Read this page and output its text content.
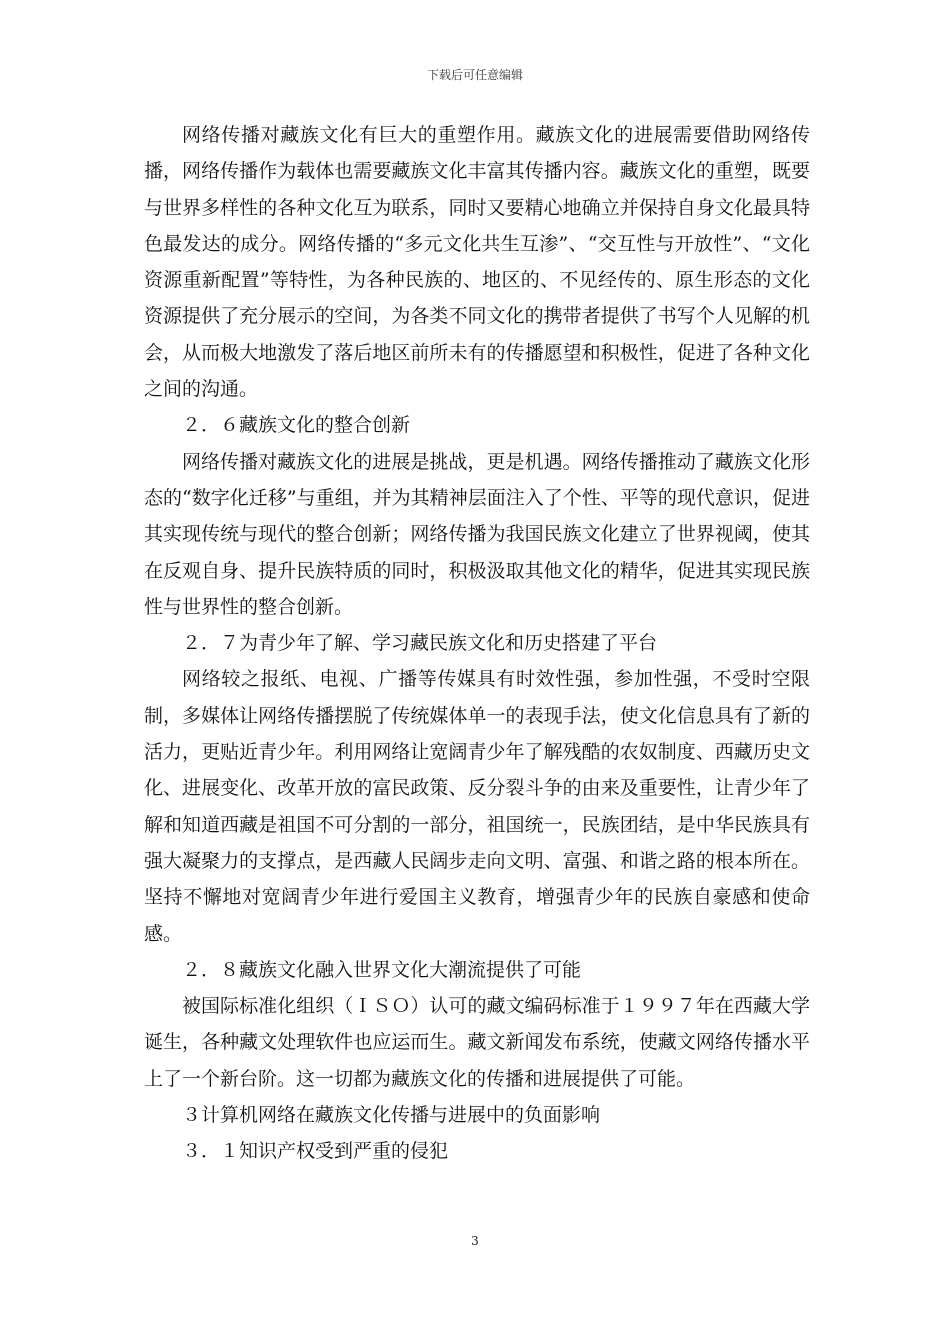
下载后可任意编辑

网络传播对藏族文化有巨大的重塑作用。藏族文化的进展需要借助网络传播，网络传播作为载体也需要藏族文化丰富其传播内容。藏族文化的重塑，既要与世界多样性的各种文化互为联系，同时又要精心地确立并保持自身文化最具特色最发达的成分。网络传播的“多元文化共生互渗”、“交互性与开放性”、“文化资源重新配置”等特性，为各种民族的、地区的、不见经传的、原生形态的文化资源提供了充分展示的空间，为各类不同文化的携带者提供了书写个人见解的机会，从而极大地激发了落后地区前所未有的传播愿望和积极性，促进了各种文化之间的沟通。

２．６藏族文化的整合创新

网络传播对藏族文化的进展是挑战，更是机遇。网络传播推动了藏族文化形态的“数字化迁移”与重组，并为其精神层面注入了个性、平等的现代意识，促进其实现传统与现代的整合创新；网络传播为我国民族文化建立了世界视阈，使其在反观自身、提升民族特质的同时，积极汲取其他文化的精华，促进其实现民族性与世界性的整合创新。

２．７为青少年了解、学习藏民族文化和历史搭建了平台

网络较之报纸、电视、广播等传媒具有时效性强，参加性强，不受时空限制，多媒体让网络传播摆脱了传统媒体单一的表现手法，使文化信息具有了新的活力，更贴近青少年。利用网络让宽阔青少年了解残酷的农奴制度、西藏历史文化、进展变化、改革开放的富民政策、反分裂斗争的由来及重要性，让青少年了解和知道西藏是祖国不可分割的一部分，祖国统一，民族团结，是中华民族具有强大凝聚力的支撑点，是西藏人民阔步走向文明、富强、和谐之路的根本所在。坚持不懈地对宽阔青少年进行爱国主义教育，增强青少年的民族自豪感和使命感。

２．８藏族文化融入世界文化大潮流提供了可能

被国际标准化组织（ＩＳＯ）认可的藏文编码标准于１９９７年在西藏大学诞生，各种藏文处理软件也应运而生。藏文新闻发布系统，使藏文网络传播水平上了一个新台阶。这一切都为藏族文化的传播和进展提供了可能。

３计算机网络在藏族文化传播与进展中的负面影响

３．１知识产权受到严重的侵犯

3
